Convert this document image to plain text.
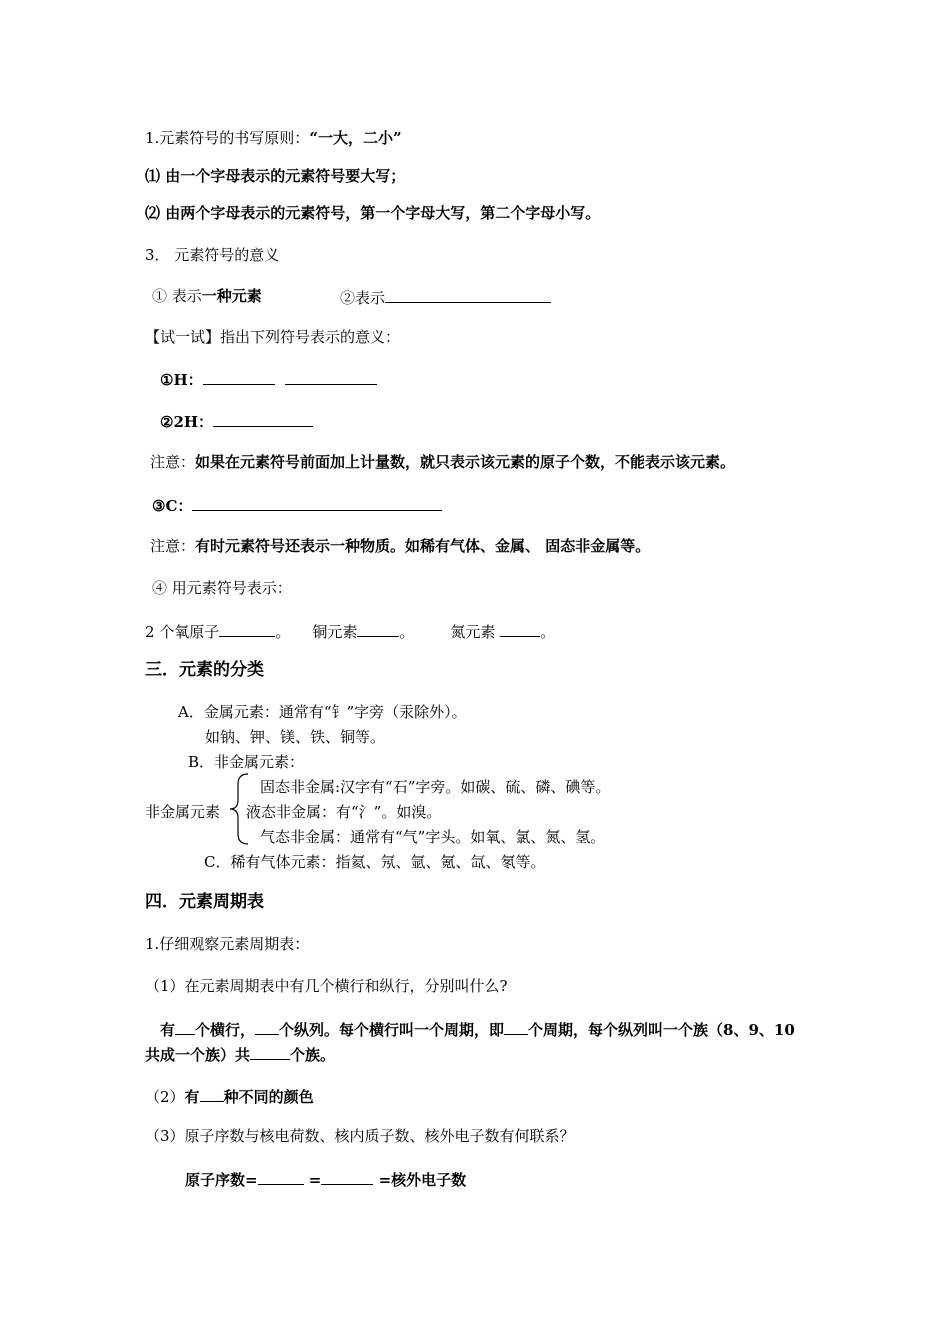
1.元素符号的书写原则：“一大，二小”
⑴ 由一个字母表示的元素符号要大写；
⑵ 由两个字母表示的元素符号，第一个字母大写，第二个字母小写。
3． 元素符号的意义
① 表示一种元素	②表示
【试一试】指出下列符号表示的意义：
①H：
②2H：
注意：如果在元素符号前面加上计量数，就只表示该元素的原子个数，不能表示该元素。
③C：
注意：有时元素符号还表示一种物质。如稀有气体、金属、 固态非金属等。
④ 用元素符号表示：
2 个氧原子	。 铜元素	。 氮元素	。
三．元素的分类
A．金属元素：通常有“钅”字旁（汞除外）。
如钠、钾、镁、铁、铜等。
B．非金属元素：
非金属元素
固态非金属:汉字有“石”字旁。如碳、硫、磷、碘等。
液态非金属：有“氵”。如溴。
气态非金属：通常有“气”字头。如氧、氯、氮、氢。
C．稀有气体元素：指氦、氖、氩、氪、氙、氡等。
四．元素周期表
1.仔细观察元素周期表：
（1）在元素周期表中有几个横行和纵行，分别叫什么?
有 个横行， 个纵列。每个横行叫一个周期，即 个周期，每个纵列叫一个族（8、9、10
共成一个族）共	个族。
（2）有 种不同的颜色
（3）原子序数与核电荷数、核内质子数、核外电子数有何联系？
原子序数=	=	=核外电子数
